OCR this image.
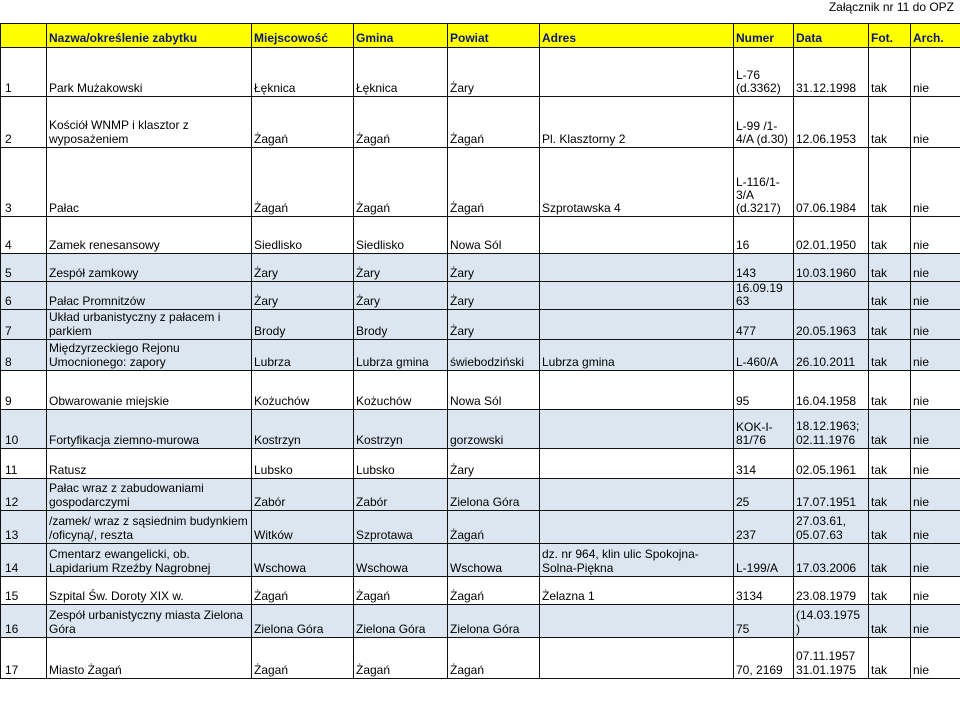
Załącznik nr 11 do OPZ
	Nazwa/określenie zabytku	Miejscowość	Gmina	Powiat	Adres	Numer	Data	Fot.	Arch.
1	Park Mużakowski	Łęknica	Łęknica	Żary		L-76 (d.3362)	31.12.1998	tak	nie
2	Kościół WNMP i klasztor z wyposażeniem	Żagań	Żagań	Żagań	Pl. Klasztorny 2	L-99 /1-4/A (d.30)	12.06.1953	tak	nie
3	Pałac	Żagań	Żagań	Żagań	Szprotawska 4	L-116/1-3/A (d.3217)	07.06.1984	tak	nie
4	Zamek renesansowy	Siedlisko	Siedlisko	Nowa Sól		16	02.01.1950	tak	nie
5	Zespół zamkowy	Żary	Żary	Żary		143	10.03.1960	tak	nie
6	Pałac Promnitzów	Żary	Żary	Żary		16.09.19 63		tak	nie
7	Układ urbanistyczny z pałacem i parkiem	Brody	Brody	Żary		477	20.05.1963	tak	nie
8	Międzyrzeckiego Rejonu Umocnionego: zapory	Lubrza	Lubrza gmina	świebodziński	Lubrza gmina	L-460/A	26.10.2011	tak	nie
9	Obwarowanie miejskie	Kożuchów	Kożuchów	Nowa Sól		95	16.04.1958	tak	nie
10	Fortyfikacja ziemno-murowa	Kostrzyn	Kostrzyn	gorzowski		KOK-I-81/76	18.12.1963; 02.11.1976	tak	nie
11	Ratusz	Lubsko	Lubsko	Żary		314	02.05.1961	tak	nie
12	Pałac wraz z zabudowaniami gospodarczymi	Zabór	Zabór	Zielona Góra		25	17.07.1951	tak	nie
13	/zamek/ wraz z sąsiednim budynkiem /oficyną/, reszta	Witków	Szprotawa	Żagań		237	27.03.61, 05.07.63	tak	nie
14	Cmentarz ewangelicki, ob. Lapidarium Rzeźby Nagrobnej	Wschowa	Wschowa	Wschowa	dz. nr 964, klin ulic Spokojna-Solna-Piękna	L-199/A	17.03.2006	tak	nie
15	Szpital Św. Doroty XIX w.	Żagań	Żagań	Żagań	Żelazna 1	3134	23.08.1979	tak	nie
16	Zespół urbanistyczny miasta Zielona Góra	Zielona Góra	Zielona Góra	Zielona Góra		75	(14.03.1975 )	tak	nie
17	Miasto Żagań	Żagań	Żagań	Żagań		70, 2169	07.11.1957 31.01.1975	tak	nie
